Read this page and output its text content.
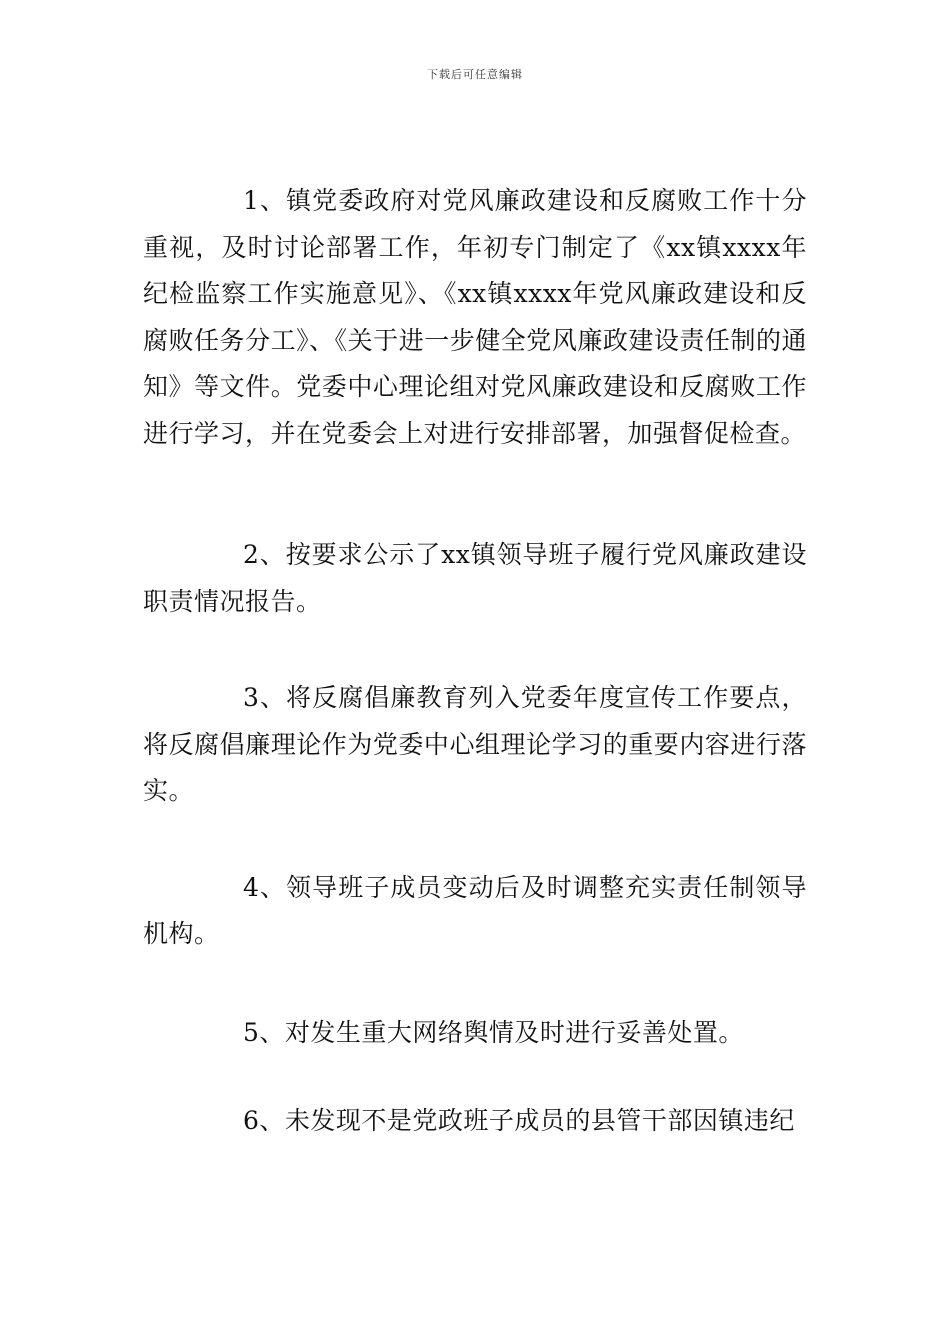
下载后可任意编辑

1、镇党委政府对党风廉政建设和反腐败工作十分重视，及时讨论部署工作，年初专门制定了《xx镇xxxx年纪检监察工作实施意见》、《xx镇xxxx年党风廉政建设和反腐败任务分工》、《关于进一步健全党风廉政建设责任制的通知》等文件。党委中心理论组对党风廉政建设和反腐败工作进行学习，并在党委会上对进行安排部署，加强督促检查。

2、按要求公示了xx镇领导班子履行党风廉政建设职责情况报告。

3、将反腐倡廉教育列入党委年度宣传工作要点，将反腐倡廉理论作为党委中心组理论学习的重要内容进行落实。

4、领导班子成员变动后及时调整充实责任制领导机构。

5、对发生重大网络舆情及时进行妥善处置。

6、未发现不是党政班子成员的县管干部因镇违纪
